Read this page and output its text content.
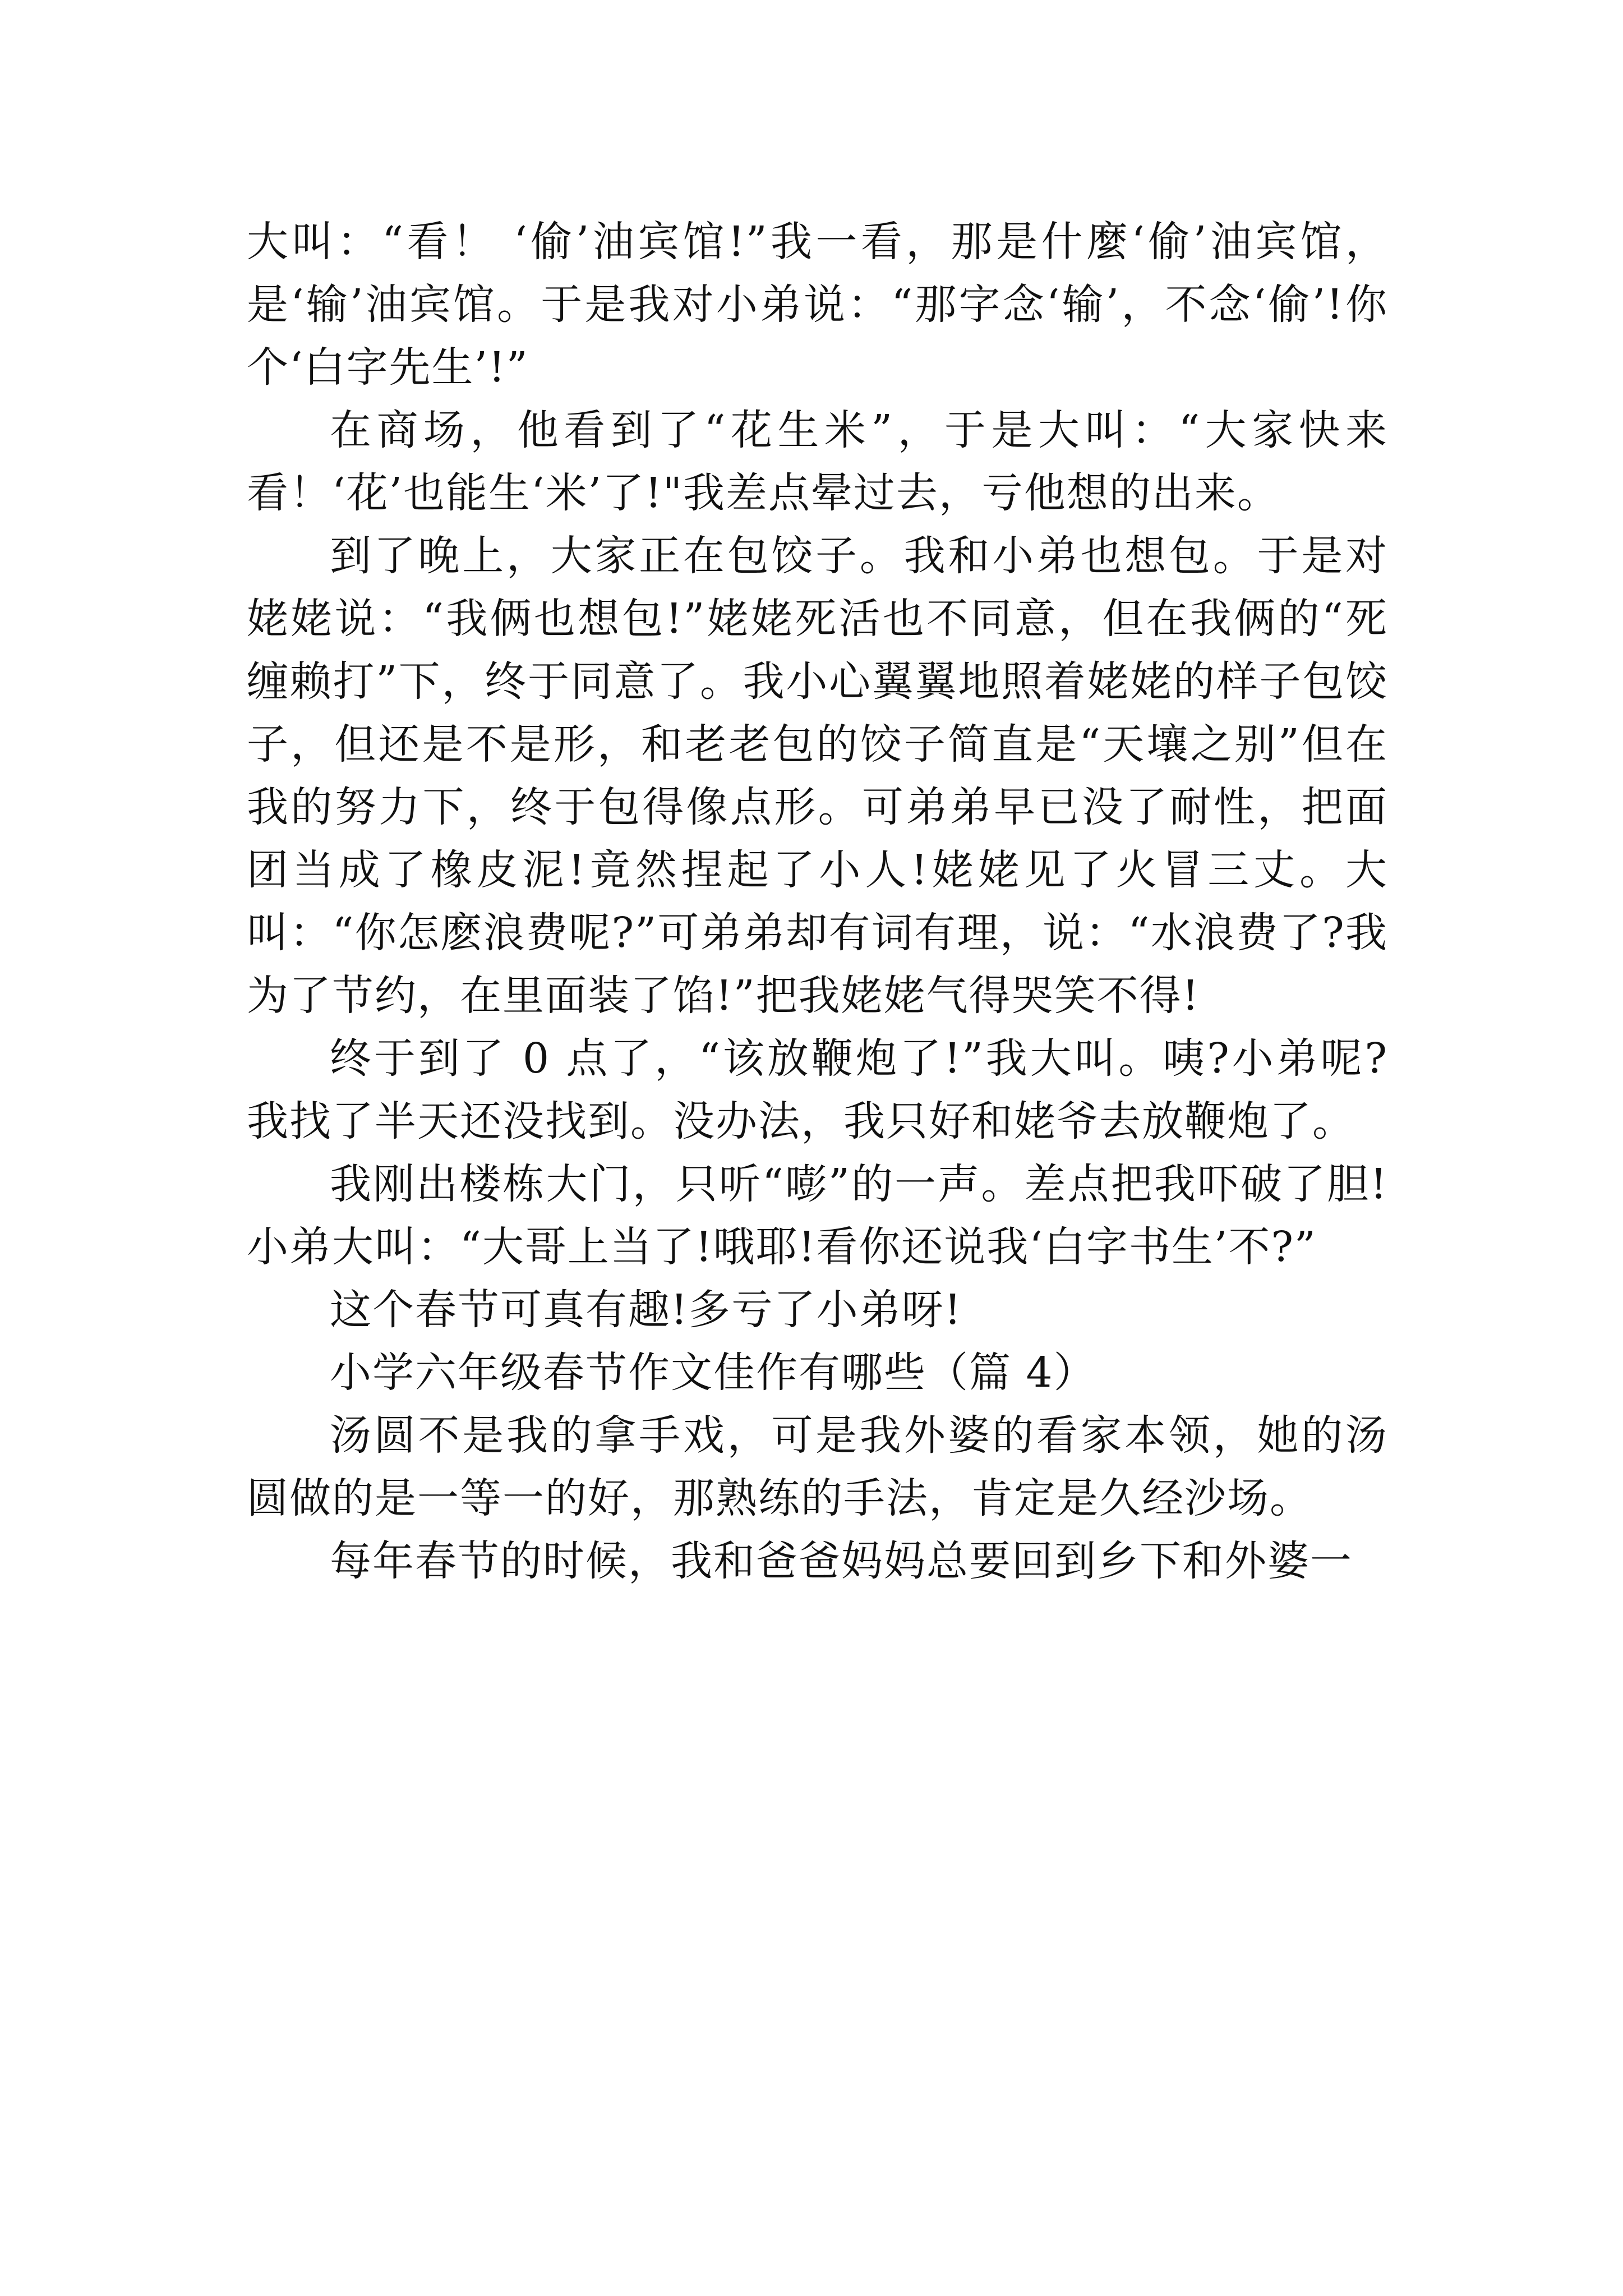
大叫：“看！ ‘偷’油宾馆!”我一看，那是什麼‘偷’油宾馆，是‘输’油宾馆。于是我对小弟说：“那字念‘输’，不念‘偷’!你个‘白字先生’!”

在商场，他看到了“花生米”，于是大叫：“大家快来看！‘花’也能生‘米’了!"我差点晕过去，亏他想的出来。

到了晚上，大家正在包饺子。我和小弟也想包。于是对姥姥说：“我俩也想包!”姥姥死活也不同意，但在我俩的“死缠赖打”下，终于同意了。我小心翼翼地照着姥姥的样子包饺子，但还是不是形，和老老包的饺子简直是“天壤之别”但在我的努力下，终于包得像点形。可弟弟早已没了耐性，把面团当成了橡皮泥!竟然捏起了小人!姥姥见了火冒三丈。大叫：“你怎麽浪费呢?”可弟弟却有词有理，说：“水浪费了?我为了节约，在里面装了馅!”把我姥姥气得哭笑不得!

终于到了 0 点了，“该放鞭炮了!”我大叫。咦?小弟呢?我找了半天还没找到。没办法，我只好和姥爷去放鞭炮了。

我刚出楼栋大门，只听“嘭”的一声。差点把我吓破了胆!小弟大叫：“大哥上当了!哦耶!看你还说我‘白字书生’不?”

这个春节可真有趣!多亏了小弟呀!

小学六年级春节作文佳作有哪些（篇 4）

汤圆不是我的拿手戏，可是我外婆的看家本领，她的汤圆做的是一等一的好，那熟练的手法，肯定是久经沙场。

每年春节的时候，我和爸爸妈妈总要回到乡下和外婆一
